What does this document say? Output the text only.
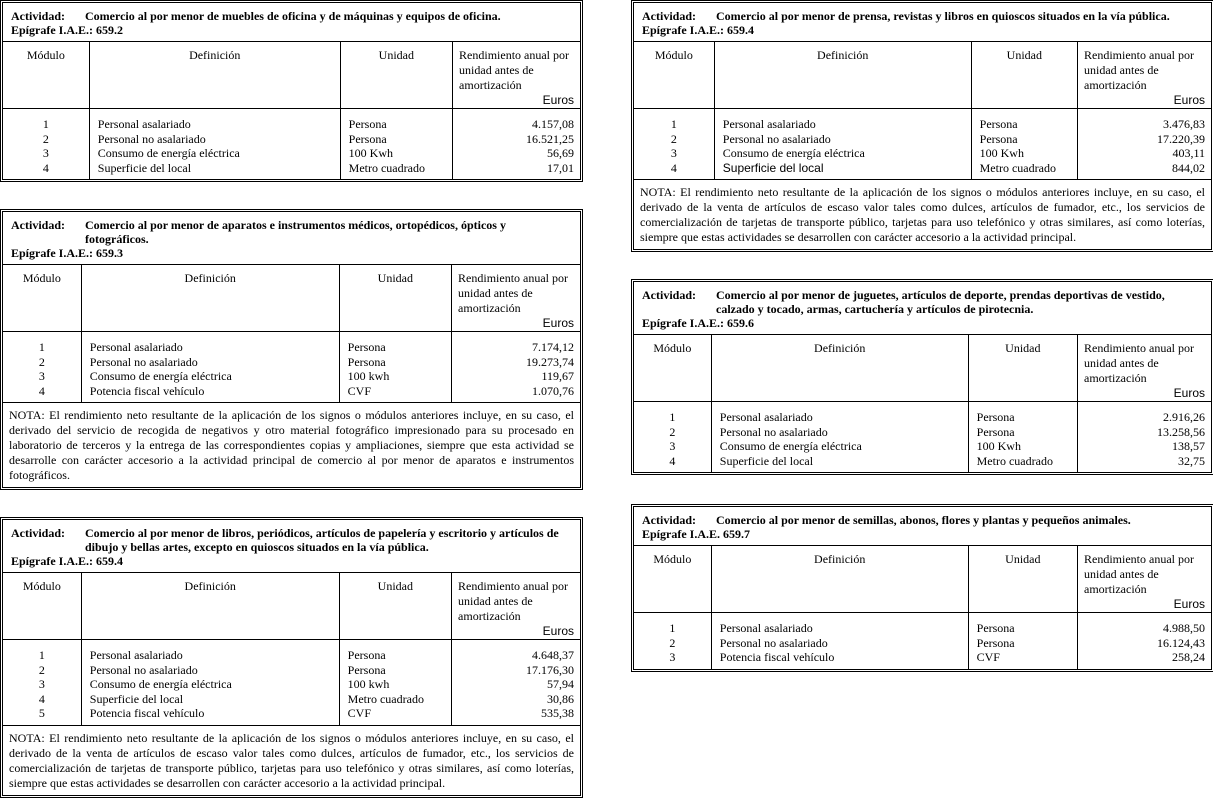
Actividad:	Comercio al por menor de muebles de oficina y de máquinas y equipos de oficina.
Epígrafe I.A.E.: 659.2
Módulo	Definición	Unidad	Rendimiento anual por unidad antes de amortización
Euros

1	Personal asalariado	Persona	4.157,08
2	Personal no asalariado	Persona	16.521,25
3	Consumo de energía eléctrica	100 Kwh	56,69
4	Superficie del local	Metro cuadrado	17,01
Actividad:	Comercio al por menor de aparatos e instrumentos médicos, ortopédicos, ópticos y fotográficos.
Epígrafe I.A.E.: 659.3
Módulo	Definición	Unidad	Rendimiento anual por unidad antes de amortización
Euros

1	Personal asalariado	Persona	7.174,12
2	Personal no asalariado	Persona	19.273,74
3	Consumo de energía eléctrica	100 kwh	119,67
4	Potencia fiscal vehículo	CVF	1.070,76
NOTA: El rendimiento neto resultante de la aplicación de los signos o módulos anteriores incluye, en su caso, el derivado del servicio de recogida de negativos y otro material fotográfico impresionado para su procesado en laboratorio de terceros y la entrega de las correspondientes copias y ampliaciones, siempre que esta actividad se desarrolle con carácter accesorio a la actividad principal de comercio al por menor de aparatos e instrumentos fotográficos.
Actividad:	Comercio al por menor de libros, periódicos, artículos de papelería y escritorio y artículos de dibujo y bellas artes, excepto en quioscos situados en la vía pública.
Epígrafe I.A.E.: 659.4
Módulo	Definición	Unidad	Rendimiento anual por unidad antes de amortización
Euros

1	Personal asalariado	Persona	4.648,37
2	Personal no asalariado	Persona	17.176,30
3	Consumo de energía eléctrica	100 kwh	57,94
4	Superficie del local	Metro cuadrado	30,86
5	Potencia fiscal vehículo	CVF	535,38
NOTA: El rendimiento neto resultante de la aplicación de los signos o módulos anteriores incluye, en su caso, el derivado de la venta de artículos de escaso valor tales como dulces, artículos de fumador, etc., los servicios de comercialización de tarjetas de transporte público, tarjetas para uso telefónico y otras similares, así como loterías, siempre que estas actividades se desarrollen con carácter accesorio a la actividad principal.
Actividad:	Comercio al por menor de prensa, revistas y libros en quioscos situados en la vía pública.
Epígrafe I.A.E.: 659.4
Módulo	Definición	Unidad	Rendimiento anual por unidad antes de amortización
Euros

1	Personal asalariado	Persona	3.476,83
2	Personal no asalariado	Persona	17.220,39
3	Consumo de energía eléctrica	100 Kwh	403,11
4	Superficie del local	Metro cuadrado	844,02
NOTA: El rendimiento neto resultante de la aplicación de los signos o módulos anteriores incluye, en su caso, el derivado de la venta de artículos de escaso valor tales como dulces, artículos de fumador, etc., los servicios de comercialización de tarjetas de transporte público, tarjetas para uso telefónico y otras similares, así como loterías, siempre que estas actividades se desarrollen con carácter accesorio a la actividad principal.
Actividad:	Comercio al por menor de juguetes, artículos de deporte, prendas deportivas de vestido, calzado y tocado, armas, cartuchería y artículos de pirotecnia.
Epígrafe I.A.E.: 659.6
Módulo	Definición	Unidad	Rendimiento anual por unidad antes de amortización
Euros

1	Personal asalariado	Persona	2.916,26
2	Personal no asalariado	Persona	13.258,56
3	Consumo de energía eléctrica	100 Kwh	138,57
4	Superficie del local	Metro cuadrado	32,75
Actividad:	Comercio al por menor de semillas, abonos, flores y plantas y pequeños animales.
Epígrafe I.A.E. 659.7
Módulo	Definición	Unidad	Rendimiento anual por unidad antes de amortización
Euros

1	Personal asalariado	Persona	4.988,50
2	Personal no asalariado	Persona	16.124,43
3	Potencia fiscal vehículo	CVF	258,24
